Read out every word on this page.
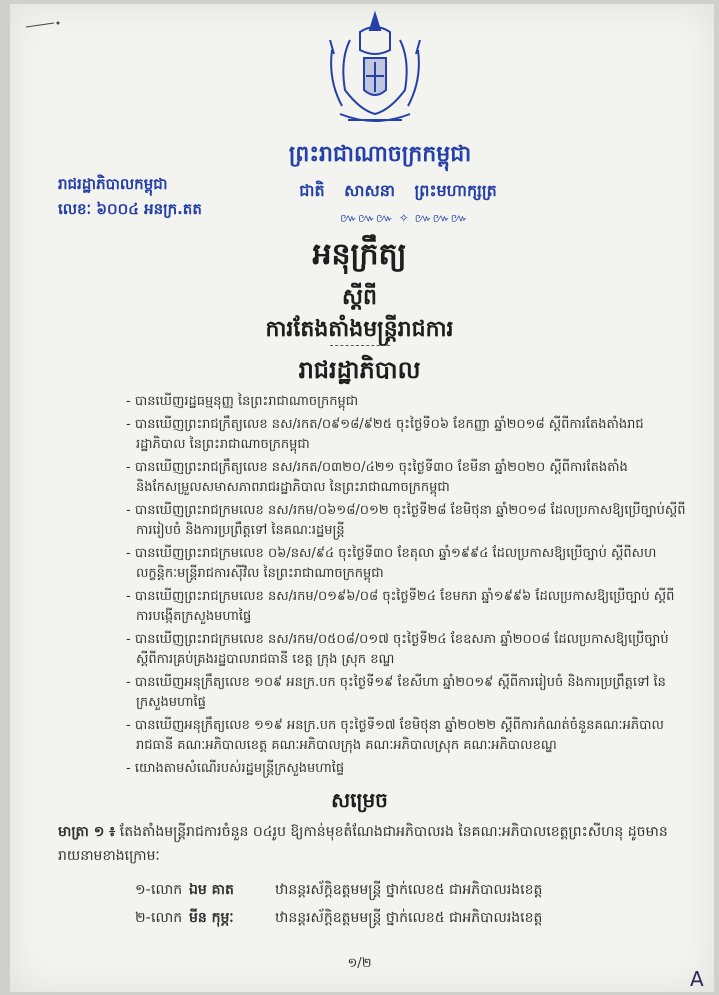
ព្រះរាជាណាចក្រកម្ពុជា
ជាតិ សាសនា ព្រះមហាក្សត្រ
៚៚៚ ✧ ៚៚៚
រាជរដ្ឋាភិបាលកម្ពុជា
លេខៈ ៦០០៤ អនក្រ.តត
អនុក្រឹត្យ
ស្តីពី
ការតែងតាំងមន្ត្រីរាជការ
រាជរដ្ឋាភិបាល
- បានឃើញរដ្ឋធម្មនុញ្ញ នៃព្រះរាជាណាចក្រកម្ពុជា
- បានឃើញព្រះរាជក្រឹត្យលេខ នស/រកត/០៩១៨/៩២៥ ចុះថ្ងៃទី០៦ ខែកញ្ញា ឆ្នាំ២០១៨ ស្តីពីការតែងតាំងរាជរដ្ឋាភិបាល នៃព្រះរាជាណាចក្រកម្ពុជា
- បានឃើញព្រះរាជក្រឹត្យលេខ នស/រកត/០៣២០/៤២១ ចុះថ្ងៃទី៣០ ខែមីនា ឆ្នាំ២០២០ ស្តីពីការតែងតាំង និងកែសម្រួលសមាសភាពរាជរដ្ឋាភិបាល នៃព្រះរាជាណាចក្រកម្ពុជា
- បានឃើញព្រះរាជក្រមលេខ នស/រកម/០៦១៨/០១២ ចុះថ្ងៃទី២៨ ខែមិថុនា ឆ្នាំ២០១៨ ដែលប្រកាសឱ្យប្រើច្បាប់ស្តីពីការរៀបចំ និងការប្រព្រឹត្តទៅ នៃគណៈរដ្ឋមន្ត្រី
- បានឃើញព្រះរាជក្រមលេខ ០៦/នស/៩៤ ចុះថ្ងៃទី៣០ ខែតុលា ឆ្នាំ១៩៩៤ ដែលប្រកាសឱ្យប្រើច្បាប់ ស្តីពីសហលក្ខន្តិកៈមន្ត្រីរាជការស៊ីវិល នៃព្រះរាជាណាចក្រកម្ពុជា
- បានឃើញព្រះរាជក្រមលេខ នស/រកម/០១៩៦/០៨ ចុះថ្ងៃទី២៤ ខែមករា ឆ្នាំ១៩៩៦ ដែលប្រកាសឱ្យប្រើច្បាប់ ស្តីពីការបង្កើតក្រសួងមហាផ្ទៃ
- បានឃើញព្រះរាជក្រមលេខ នស/រកម/០៥០៨/០១៧ ចុះថ្ងៃទី២៤ ខែឧសភា ឆ្នាំ២០០៨ ដែលប្រកាសឱ្យប្រើច្បាប់ ស្តីពីការគ្រប់គ្រងរដ្ឋបាលរាជធានី ខេត្ត ក្រុង ស្រុក ខណ្ឌ
- បានឃើញអនុក្រឹត្យលេខ ១០៩ អនក្រ.បក ចុះថ្ងៃទី១៩ ខែសីហា ឆ្នាំ២០១៩ ស្តីពីការរៀបចំ និងការប្រព្រឹត្តទៅ នៃក្រសួងមហាផ្ទៃ
- បានឃើញអនុក្រឹត្យលេខ ១១៩ អនក្រ.បក ចុះថ្ងៃទី១៧ ខែមិថុនា ឆ្នាំ២០២២ ស្តីពីការកំណត់ចំនួនគណៈអភិបាលរាជធានី គណៈអភិបាលខេត្ត គណៈអភិបាលក្រុង គណៈអភិបាលស្រុក គណៈអភិបាលខណ្ឌ
- យោងតាមសំណើរបស់រដ្ឋមន្ត្រីក្រសួងមហាផ្ទៃ
សម្រេច
មាត្រា ១ ៖ តែងតាំងមន្ត្រីរាជការចំនួន ០៤រូប ឱ្យកាន់មុខតំណែងជាអភិបាលរង នៃគណៈអភិបាលខេត្តព្រះសីហនុ ដូចមានរាយនាមខាងក្រោមៈ
១- លោក ឯម គាត	ឋានន្តរស័ក្តិឧត្តមមន្ត្រី ថ្នាក់លេខ៥ ជាអភិបាលរងខេត្ត
២- លោក មីន កុម្ភៈ	ឋានន្តរស័ក្តិឧត្តមមន្ត្រី ថ្នាក់លេខ៥ ជាអភិបាលរងខេត្ត
១/២
A
